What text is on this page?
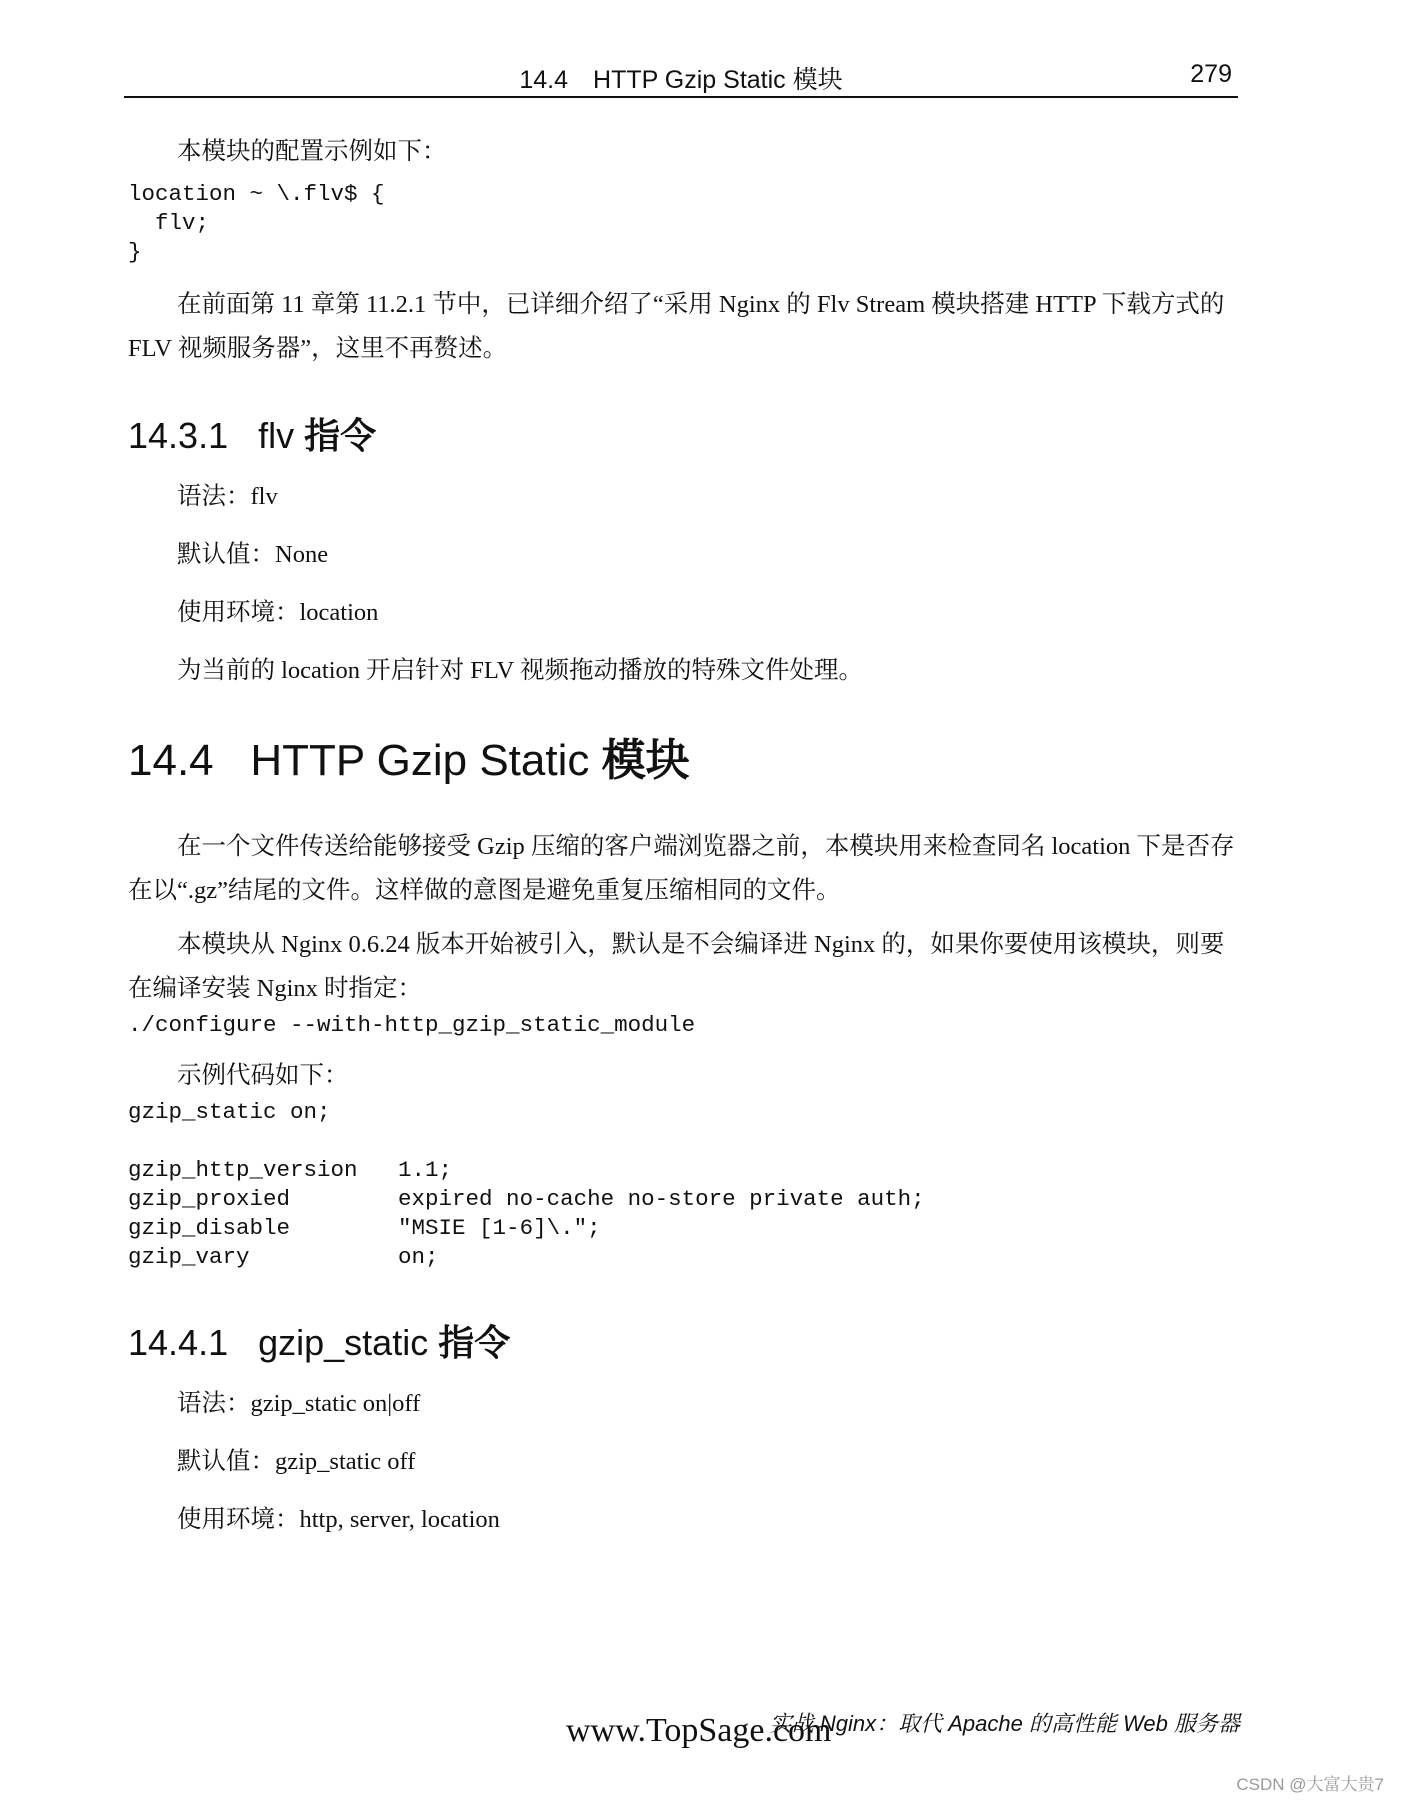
14.4　HTTP Gzip Static 模块	279

本模块的配置示例如下：

location ~ \.flv$ {
flv;
}

在前面第 11 章第 11.2.1 节中，已详细介绍了“采用 Nginx 的 Flv Stream 模块搭建 HTTP 下载方式的 FLV 视频服务器”，这里不再赘述。

14.3.1 flv 指令
语法：flv
默认值：None
使用环境：location
为当前的 location 开启针对 FLV 视频拖动播放的特殊文件处理。
14.4 HTTP Gzip Static 模块

在一个文件传送给能够接受 Gzip 压缩的客户端浏览器之前，本模块用来检查同名 location 下是否存在以“.gz”结尾的文件。这样做的意图是避免重复压缩相同的文件。

本模块从 Nginx 0.6.24 版本开始被引入，默认是不会编译进 Nginx 的，如果你要使用该模块，则要在编译安装 Nginx 时指定：

./configure --with-http_gzip_static_module

示例代码如下：

gzip_static on;

gzip_http_version   1.1;
gzip_proxied        expired no-cache no-store private auth;
gzip_disable        "MSIE [1-6]\.";
gzip_vary           on;
14.4.1 gzip_static 指令
语法：gzip_static on|off
默认值：gzip_static off
使用环境：http, server, location
实战 Nginx：取代 Apache 的高性能 Web 服务器
www.TopSage.com
CSDN @大富大贵7
